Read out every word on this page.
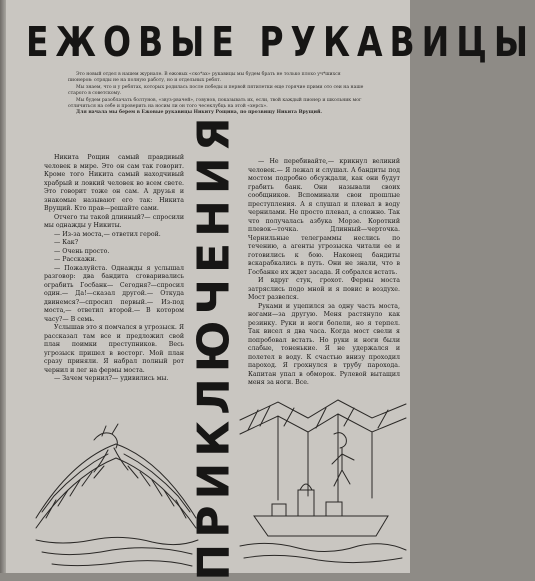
ЕЖОВЫЕ РУКАВИЦЫ

Это новый отдел в нашем журнале. В ежовых «ско*ах» рукавицы мы будем брать не только плохо уч*шихся пионеров: отряды не на полную работу, но и отдельных ребят.

Мы знаем, что и у ребятах, которых родилась после победы и первой пятилетки еще горячие прими ото сеи на наше старого в советскому.

Мы будем разоблачать болтунов, «звуз-рвачей», говунов, показывать их, если, твой каждый пионер и школьник мог отличиться на себе и проверить на носим ли он того чесеклубць на этой «херсх».

Для начала мы берем в Ежовые рукавицы Никиту Рощина, по прозвищу Никита Врущий.

Никита Рощин самый правдивый человек в мире. Это он сам так говорит. Кроме того Никита самый находчивый храбрый и ловкий человек во всем свете. Это говорит тоже он сам. А друзья и знакомые называют его так: Никита Врущий. Кто прав—решайте сами.

Отчего ты такой длинный?— спросили мы однажды у Никиты.

— Из-за моста,— ответил герой.

— Как?

— Очень просто.

— Расскажи.

— Пожалуйста. Однажды я услышал разговор: два бандита сговаривались ограбить Госбанк— Сегодня?—спросил один.— Да!—сказал другой.— Откуда двинемся?—спросил первый.— Из-под моста,— ответил второй.— В котором часу?— В семь.

Услышав это я помчался в угрозыск. Я рассказал там все и предложил свой план поимки преступников. Весь угрозыск пришел в восторг. Мой план сразу приняли. Я набрал полный рот чернил и лег на фермы моста.

— Зачем чернил?— удивились мы. ПРИКЛЮЧЕНИЯ	— Не перебивайте,— крикнул великий человек.— Я лежал и слушал. А бандиты под мостом подробно обсуждали, как они будут грабить банк. Они называли своих сообщников. Вспоминали свои прошлые преступления. А я слушал и плевал в воду чернилами. Не просто плевал, а сложно. Так что получалась азбука Морзе. Короткий плевок—точка. Длинный—черточка. Чернильные телеграммы неслись по течению, а агенты угрозыска читали ее и готовились к бою. Наконец бандиты вскарабкались в путь. Они не знали, что в Госбанке их ждет засада. Я собрался встать.

И вдруг стук, грохот. Фермы моста затряслись подо мной и я повис в воздухе. Мост развелся.

Руками и уцепился за одну часть моста, ногами—за другую. Меня растянуло как резинку. Руки и ноги болели, но я терпел. Так висел я два часа. Когда мост свели я попробовал встать. Но руки и ноги были слабые, тоненькие. Я не удержался и полетел в воду. К счастью внизу проходил пароход. Я грохнулся в трубу парохода. Капитан упал в обморок. Рулевой вытащил меня за ноги. Все.
